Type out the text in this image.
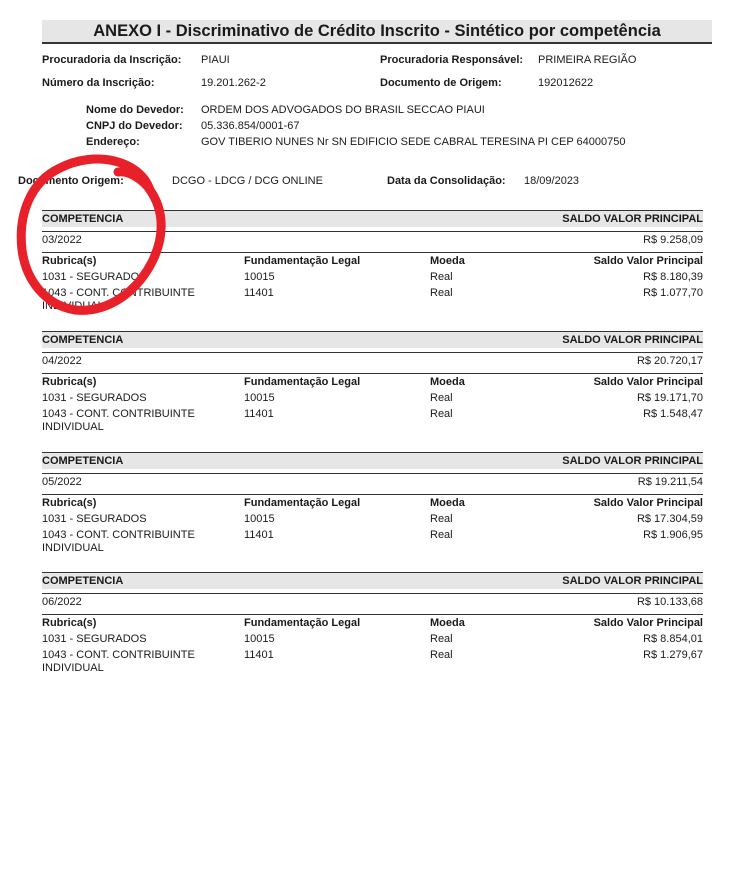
ANEXO I - Discriminativo de Crédito Inscrito - Sintético por competência
Procuradoria da Inscrição: PIAUI	Procuradoria Responsável: PRIMEIRA REGIÃO
Número da Inscrição:	19.201.262-2	Documento de Origem:	192012622
Nome do Devedor: ORDEM DOS ADVOGADOS DO BRASIL SECCAO PIAUI
CNPJ do Devedor: 05.336.854/0001-67
Endereço:	GOV TIBERIO NUNES Nr SN EDIFICIO SEDE CABRAL TERESINA PI CEP 64000750
Documento Origem:	DCGO - LDCG / DCG ONLINE	Data da Consolidação: 18/09/2023
COMPETENCIA	SALDO VALOR PRINCIPAL
03/2022	R$ 9.258,09
Rubrica(s)	Fundamentação Legal	Moeda	Saldo Valor Principal
1031 - SEGURADOS	10015	Real	R$ 8.180,39
1043 - CONT. CONTRIBUINTE
INDIVIDUAL
11401	Real	R$ 1.077,70
COMPETENCIA	SALDO VALOR PRINCIPAL
04/2022	R$ 20.720,17
Rubrica(s)	Fundamentação Legal	Moeda	Saldo Valor Principal
1031 - SEGURADOS	10015	Real	R$ 19.171,70
1043 - CONT. CONTRIBUINTE
INDIVIDUAL
11401	Real	R$ 1.548,47
COMPETENCIA	SALDO VALOR PRINCIPAL
05/2022	R$ 19.211,54
Rubrica(s)	Fundamentação Legal	Moeda	Saldo Valor Principal
1031 - SEGURADOS	10015	Real	R$ 17.304,59
1043 - CONT. CONTRIBUINTE
INDIVIDUAL
11401	Real	R$ 1.906,95
COMPETENCIA	SALDO VALOR PRINCIPAL
06/2022	R$ 10.133,68
Rubrica(s)	Fundamentação Legal	Moeda	Saldo Valor Principal
1031 - SEGURADOS	10015	Real	R$ 8.854,01
1043 - CONT. CONTRIBUINTE
INDIVIDUAL
11401	Real	R$ 1.279,67
